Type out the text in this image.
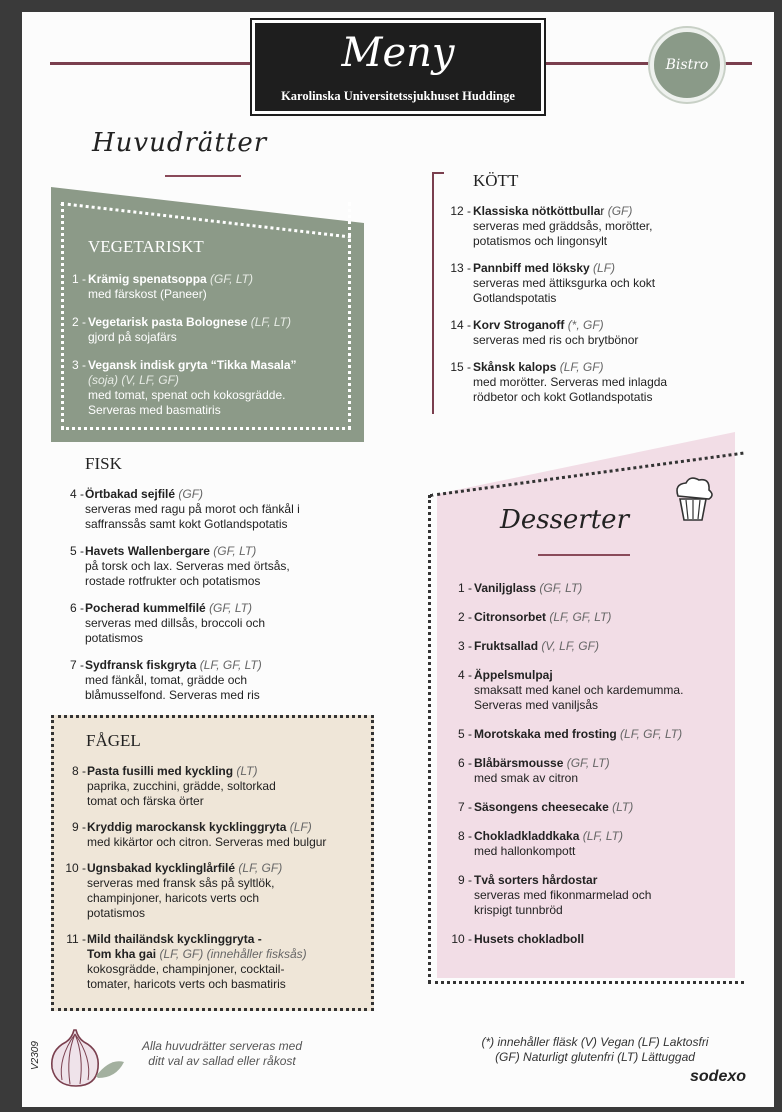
Meny
Karolinska Universitetssjukhuset Huddinge
Bistro
Huvudrätter
VEGETARISKT
1 - Krämig spenatsoppa (GF, LT)
med färskost (Paneer)
2 - Vegetarisk pasta Bolognese (LF, LT)
gjord på sojafärs
3 - Vegansk indisk gryta “Tikka Masala”
(soja) (V, LF, GF)
med tomat, spenat och kokosgrädde.
Serveras med basmatiris
FISK
4 - Örtbakad sejfilé (GF)
serveras med ragu på morot och fänkål i
saffranssås samt kokt Gotlandspotatis
5 - Havets Wallenbergare (GF, LT)
på torsk och lax. Serveras med örtsås,
rostade rotfrukter och potatismos
6 - Pocherad kummelfilé (GF, LT)
serveras med dillsås, broccoli och
potatismos
7 - Sydfransk fiskgryta (LF, GF, LT)
med fänkål, tomat, grädde och
blåmusselfond. Serveras med ris
FÅGEL
8 - Pasta fusilli med kyckling (LT)
paprika, zucchini, grädde, soltorkad
tomat och färska örter
9 - Kryddig marockansk kycklinggryta (LF)
med kikärtor och citron. Serveras med bulgur
10 - Ugnsbakad kycklinglårfilé (LF, GF)
serveras med fransk sås på syltlök,
champinjoner, haricots verts och
potatismos
11 - Mild thailändsk kycklinggryta -
Tom kha gai (LF, GF) (innehåller fisksås)
kokosgrädde, champinjoner, cocktail-
tomater, haricots verts och basmatiris
KÖTT
12 - Klassiska nötköttbullar (GF)
serveras med gräddsås, morötter,
potatismos och lingonsylt
13 - Pannbiff med löksky (LF)
serveras med ättiksgurka och kokt
Gotlandspotatis
14 - Korv Stroganoff (*, GF)
serveras med ris och brytbönor
15 - Skånsk kalops (LF, GF)
med morötter. Serveras med inlagda
rödbetor och kokt Gotlandspotatis
Desserter
1 - Vaniljglass (GF, LT)
2 - Citronsorbet (LF, GF, LT)
3 - Fruktsallad (V, LF, GF)
4 - Äppelsmulpaj
smaksatt med kanel och kardemumma.
Serveras med vaniljsås
5 - Morotskaka med frosting (LF, GF, LT)
6 - Blåbärsmousse (GF, LT)
med smak av citron
7 - Säsongens cheesecake (LT)
8 - Chokladkladdkaka (LF, LT)
med hallonkompott
9 - Två sorters hårdostar
serveras med fikonmarmelad och
krispigt tunnbröd
10 - Husets chokladboll
Alla huvudrätter serveras med
ditt val av sallad eller råkost
(*) innehåller fläsk (V) Vegan (LF) Laktosfri
(GF) Naturligt glutenfri (LT) Lättuggad
V2309
sodexo
